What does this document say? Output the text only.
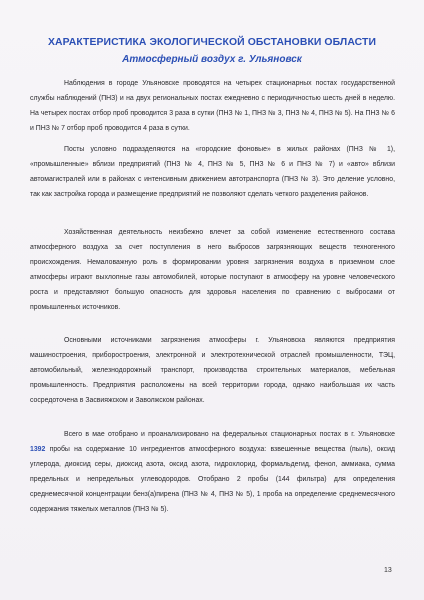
ХАРАКТЕРИСТИКА ЭКОЛОГИЧЕСКОЙ ОБСТАНОВКИ ОБЛАСТИ
Атмосферный воздух г. Ульяновск

Наблюдения в городе Ульяновске проводятся на четырех стационарных постах государственной службы наблюдений (ПНЗ) и на двух региональных постах ежедневно с периодичностью шесть дней в неделю. На четырех постах отбор проб проводится 3 раза в сутки (ПНЗ № 1, ПНЗ № 3, ПНЗ № 4, ПНЗ № 5). На ПНЗ № 6 и ПНЗ № 7 отбор проб проводится 4 раза в сутки.

Посты условно подразделяются на «городские фоновые» в жилых районах (ПНЗ № 1), «промышленные» вблизи предприятий (ПНЗ № 4, ПНЗ № 5, ПНЗ № 6 и ПНЗ № 7) и «авто» вблизи автомагистралей или в районах с интенсивным движением автотранспорта (ПНЗ № 3). Это деление условно, так как застройка города и размещение предприятий не позволяют сделать четкого разделения районов.

Хозяйственная деятельность неизбежно влечет за собой изменение естественного состава атмосферного воздуха за счет поступления в него выбросов загрязняющих веществ техногенного происхождения. Немаловажную роль в формировании уровня загрязнения воздуха в приземном слое атмосферы играют выхлопные газы автомобилей, которые поступают в атмосферу на уровне человеческого роста и представляют большую опасность для здоровья населения по сравнению с выбросами от промышленных источников.

Основными источниками загрязнения атмосферы г. Ульяновска являются предприятия машиностроения, приборостроения, электронной и электротехнической отраслей промышленности, ТЭЦ, автомобильный, железнодорожный транспорт, производства строительных материалов, мебельная промышленность. Предприятия расположены на всей территории города, однако наибольшая их часть сосредоточена в Засвияжском и Заволжском районах.

Всего в мае отобрано и проанализировано на федеральных стационарных постах в г. Ульяновске 1392 пробы на содержание 10 ингредиентов атмосферного воздуха: взвешенные вещества (пыль), оксид углерода, диоксид серы, диоксид азота, оксид азота, гидрохлорид, формальдегид, фенол, аммиака, сумма предельных и непредельных углеводородов. Отобрано 2 пробы (144 фильтра) для определения среднемесячной концентрации бенз(а)пирена (ПНЗ № 4, ПНЗ № 5), 1 проба на определение среднемесячного содержания тяжелых металлов (ПНЗ № 5).

13
